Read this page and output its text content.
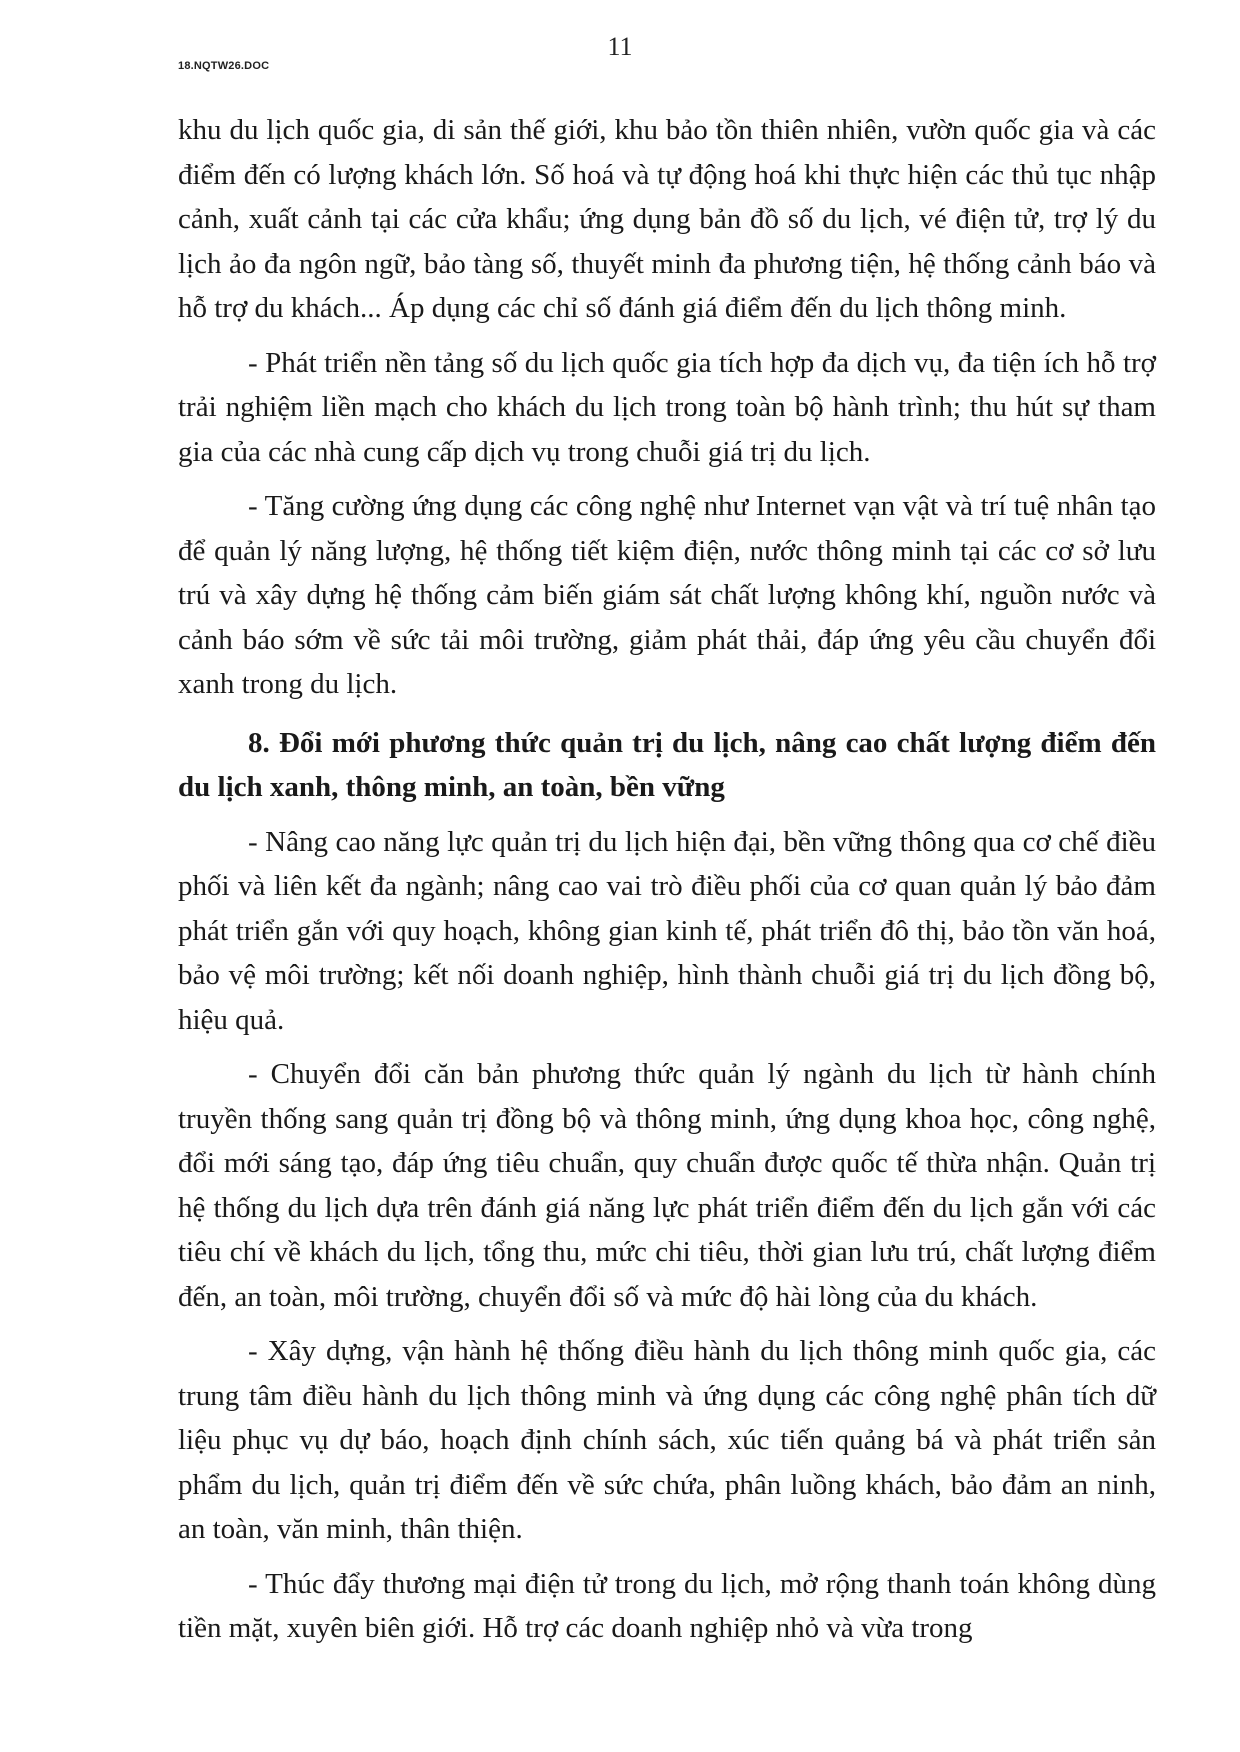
18.NQTW26.DOC
11

khu du lịch quốc gia, di sản thế giới, khu bảo tồn thiên nhiên, vườn quốc gia và các điểm đến có lượng khách lớn. Số hoá và tự động hoá khi thực hiện các thủ tục nhập cảnh, xuất cảnh tại các cửa khẩu; ứng dụng bản đồ số du lịch, vé điện tử, trợ lý du lịch ảo đa ngôn ngữ, bảo tàng số, thuyết minh đa phương tiện, hệ thống cảnh báo và hỗ trợ du khách... Áp dụng các chỉ số đánh giá điểm đến du lịch thông minh.

- Phát triển nền tảng số du lịch quốc gia tích hợp đa dịch vụ, đa tiện ích hỗ trợ trải nghiệm liền mạch cho khách du lịch trong toàn bộ hành trình; thu hút sự tham gia của các nhà cung cấp dịch vụ trong chuỗi giá trị du lịch.

- Tăng cường ứng dụng các công nghệ như Internet vạn vật và trí tuệ nhân tạo để quản lý năng lượng, hệ thống tiết kiệm điện, nước thông minh tại các cơ sở lưu trú và xây dựng hệ thống cảm biến giám sát chất lượng không khí, nguồn nước và cảnh báo sớm về sức tải môi trường, giảm phát thải, đáp ứng yêu cầu chuyển đổi xanh trong du lịch.

8. Đổi mới phương thức quản trị du lịch, nâng cao chất lượng điểm đến du lịch xanh, thông minh, an toàn, bền vững

- Nâng cao năng lực quản trị du lịch hiện đại, bền vững thông qua cơ chế điều phối và liên kết đa ngành; nâng cao vai trò điều phối của cơ quan quản lý bảo đảm phát triển gắn với quy hoạch, không gian kinh tế, phát triển đô thị, bảo tồn văn hoá, bảo vệ môi trường; kết nối doanh nghiệp, hình thành chuỗi giá trị du lịch đồng bộ, hiệu quả.

- Chuyển đổi căn bản phương thức quản lý ngành du lịch từ hành chính truyền thống sang quản trị đồng bộ và thông minh, ứng dụng khoa học, công nghệ, đổi mới sáng tạo, đáp ứng tiêu chuẩn, quy chuẩn được quốc tế thừa nhận. Quản trị hệ thống du lịch dựa trên đánh giá năng lực phát triển điểm đến du lịch gắn với các tiêu chí về khách du lịch, tổng thu, mức chi tiêu, thời gian lưu trú, chất lượng điểm đến, an toàn, môi trường, chuyển đổi số và mức độ hài lòng của du khách.

- Xây dựng, vận hành hệ thống điều hành du lịch thông minh quốc gia, các trung tâm điều hành du lịch thông minh và ứng dụng các công nghệ phân tích dữ liệu phục vụ dự báo, hoạch định chính sách, xúc tiến quảng bá và phát triển sản phẩm du lịch, quản trị điểm đến về sức chứa, phân luồng khách, bảo đảm an ninh, an toàn, văn minh, thân thiện.

- Thúc đẩy thương mại điện tử trong du lịch, mở rộng thanh toán không dùng tiền mặt, xuyên biên giới. Hỗ trợ các doanh nghiệp nhỏ và vừa trong
